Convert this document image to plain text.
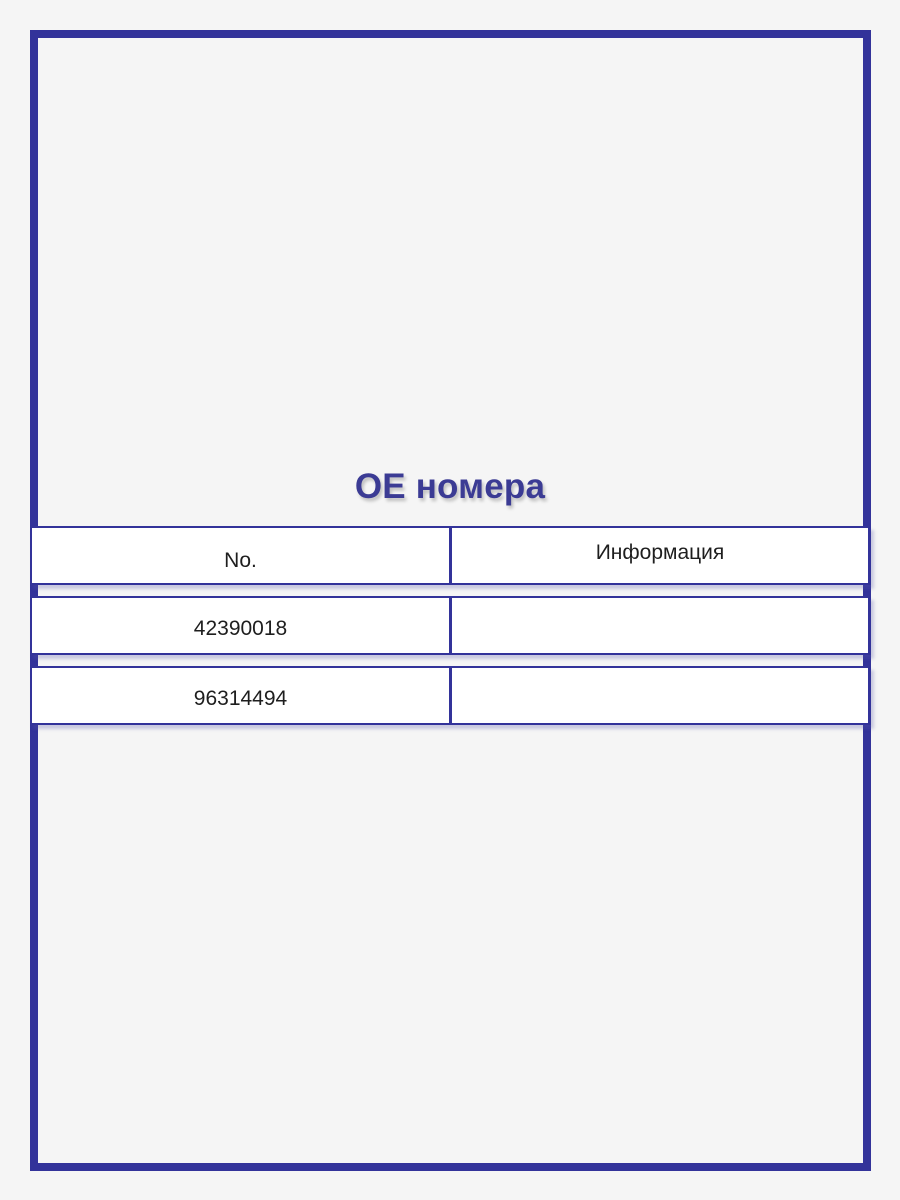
OE номера
No.	Информация
42390018
96314494
